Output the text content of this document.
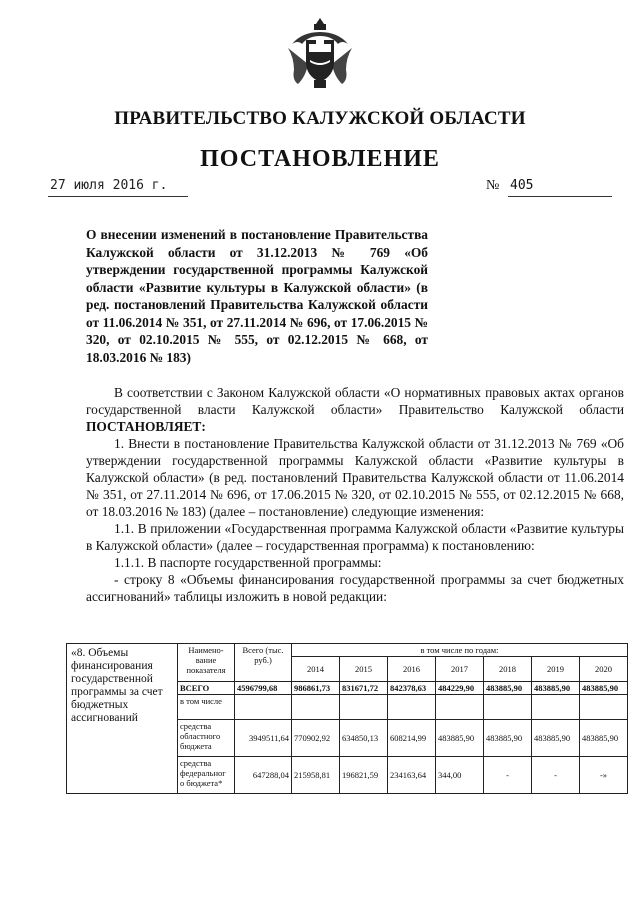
ПРАВИТЕЛЬСТВО КАЛУЖСКОЙ ОБЛАСТИ
ПОСТАНОВЛЕНИЕ
27 июля 2016 г.	№ 405
О внесении изменений в постановление Правительства Калужской области от 31.12.2013 № 769 «Об утверждении государственной программы Калужской области «Развитие культуры в Калужской области» (в ред. постановлений Правительства Калужской области от 11.06.2014 № 351, от 27.11.2014 № 696, от 17.06.2015 № 320, от 02.10.2015 № 555, от 02.12.2015 № 668, от 18.03.2016 № 183)

В соответствии с Законом Калужской области «О нормативных правовых актах органов государственной власти Калужской области» Правительство Калужской области ПОСТАНОВЛЯЕТ:

1. Внести в постановление Правительства Калужской области от 31.12.2013 № 769 «Об утверждении государственной программы Калужской области «Развитие культуры в Калужской области» (в ред. постановлений Правительства Калужской области от 11.06.2014 № 351, от 27.11.2014 № 696, от 17.06.2015 № 320, от 02.10.2015 № 555, от 02.12.2015 № 668, от 18.03.2016 № 183) (далее – постановление) следующие изменения:

1.1. В приложении «Государственная программа Калужской области «Развитие культуры в Калужской области» (далее – государственная программа) к постановлению:

1.1.1. В паспорте государственной программы:

- строку 8 «Объемы финансирования государственной программы за счет бюджетных ассигнований» таблицы изложить в новой редакции:

«8. Объемы финансирования государственной программы за счет бюджетных ассигнований	Наимено-вание показателя	Всего (тыс. руб.)	в том числе по годам:						
			2014	2015	2016	2017	2018	2019	2020
	ВСЕГО	4596799,68	986861,73	831671,72	842378,63	484229,90	483885,90	483885,90	483885,90
	в том числе								
	средства областного бюджета	3949511,64	770902,92	634850,13	608214,99	483885,90	483885,90	483885,90	483885,90
	средства федеральног о бюджета*	647288,04	215958,81	196821,59	234163,64	344,00	-	-	-»
